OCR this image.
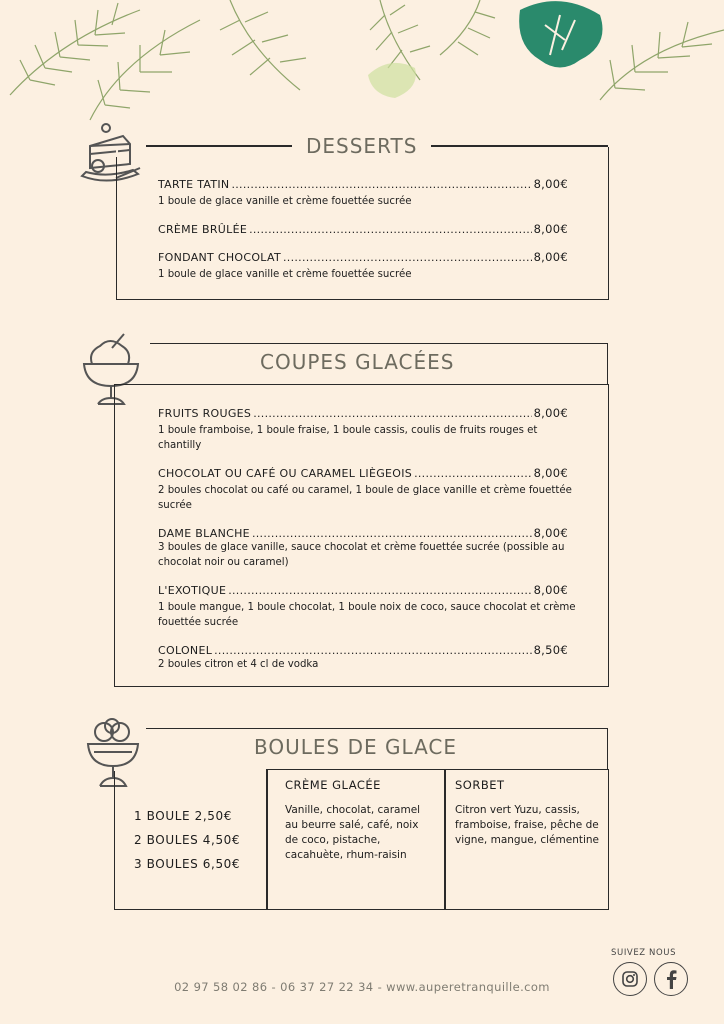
DESSERTS
TARTE TATIN .....	8,00€
1 boule de glace vanille et crème fouettée sucrée
CRÈME BRÛLÉE .....	8,00€
FONDANT CHOCOLAT .....	8,00€
1 boule de glace vanille et crème fouettée sucrée
COUPES GLACÉES
FRUITS ROUGES .....	8,00€
1 boule framboise, 1 boule fraise, 1 boule cassis, coulis de fruits rouges et chantilly
CHOCOLAT OU CAFÉ OU CARAMEL LIÈGEOIS .....	8,00€
2 boules chocolat ou café ou caramel, 1 boule de glace vanille et crème fouettée sucrée
DAME BLANCHE .....	8,00€
3 boules de glace vanille, sauce chocolat et crème fouettée sucrée (possible au chocolat noir ou caramel)
L'EXOTIQUE .....	8,00€
1 boule mangue, 1 boule chocolat, 1 boule noix de coco, sauce chocolat et crème fouettée sucrée
COLONEL .....	8,50€
2 boules citron et 4 cl de vodka
BOULES DE GLACE
1 BOULE 2,50€
2 BOULES 4,50€
3 BOULES 6,50€
CRÈME GLACÉE
Vanille, chocolat, caramel au beurre salé, café, noix de coco, pistache, cacahuète, rhum-raisin
SORBET
Citron vert Yuzu, cassis, framboise, fraise, pêche de vigne, mangue, clémentine
02 97 58 02 86 - 06 37 27 22 34 - www.auperetranquille.com
SUIVEZ NOUS
